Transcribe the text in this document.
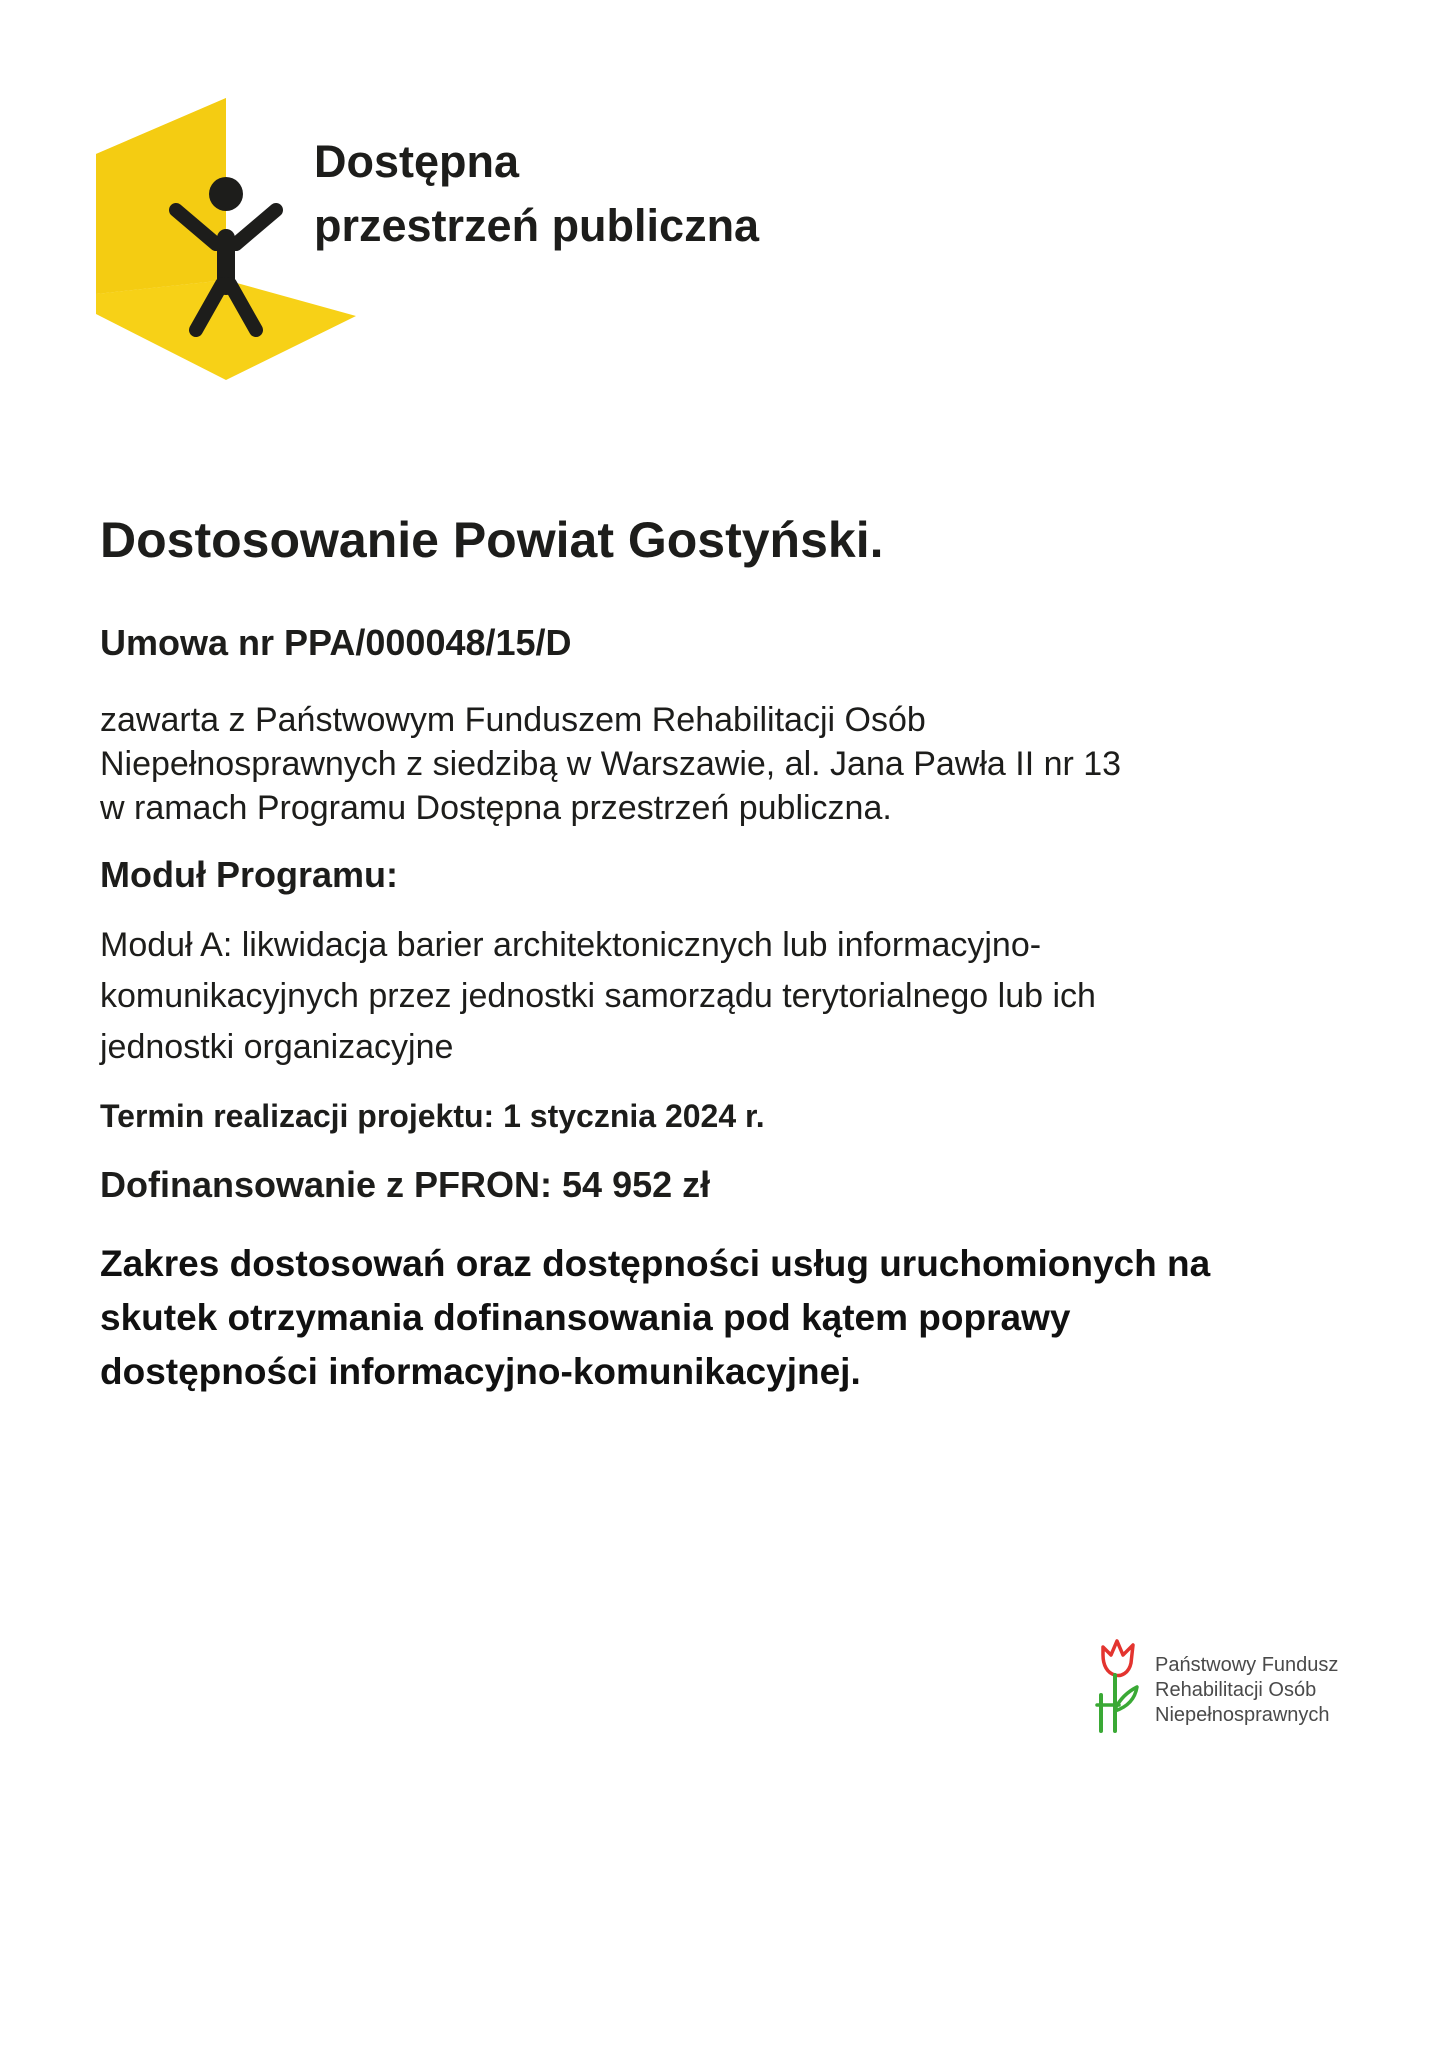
Dostępna
przestrzeń publiczna
Dostosowanie Powiat Gostyński.
Umowa nr PPA/000048/15/D
zawarta z Państwowym Funduszem Rehabilitacji Osób
Niepełnosprawnych z siedzibą w Warszawie, al. Jana Pawła II nr 13
w ramach Programu Dostępna przestrzeń publiczna.
Moduł Programu:
Moduł A: likwidacja barier architektonicznych lub informacyjno-
komunikacyjnych przez jednostki samorządu terytorialnego lub ich
jednostki organizacyjne
Termin realizacji projektu: 1 stycznia 2024 r.
Dofinansowanie z PFRON: 54 952 zł
Zakres dostosowań oraz dostępności usług uruchomionych na
skutek otrzymania dofinansowania pod kątem poprawy
dostępności informacyjno-komunikacyjnej.
Państwowy Fundusz
Rehabilitacji Osób
Niepełnosprawnych
